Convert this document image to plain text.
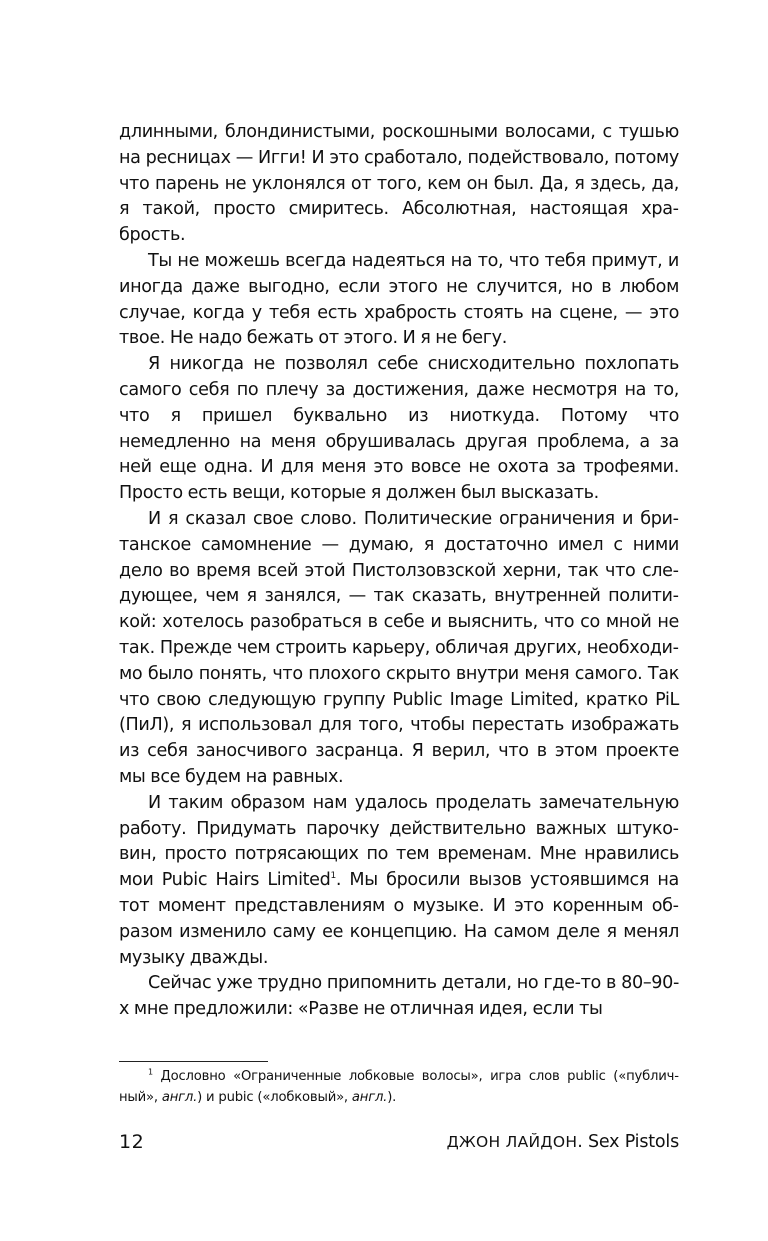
длинными, блондинистыми, роскошными волосами, с тушью на ресницах — Игги! И это сработало, подействовало, потому что парень не уклонялся от того, кем он был. Да, я здесь, да, я такой, просто смиритесь. Абсолютная, настоящая храбрость.

Ты не можешь всегда надеяться на то, что тебя примут, и иногда даже выгодно, если этого не случится, но в любом случае, когда у тебя есть храбрость стоять на сцене, — это твое. Не надо бежать от этого. И я не бегу.

Я никогда не позволял себе снисходительно похлопать самого себя по плечу за достижения, даже несмотря на то, что я пришел буквально из ниоткуда. Потому что немедленно на меня обрушивалась другая проблема, а за ней еще одна. И для меня это вовсе не охота за трофеями. Просто есть вещи, которые я должен был высказать.

И я сказал свое слово. Политические ограничения и британское самомнение — думаю, я достаточно имел с ними дело во время всей этой Пистолзовзской херни, так что следующее, чем я занялся, — так сказать, внутренней политикой: хотелось разобраться в себе и выяснить, что со мной не так. Прежде чем строить карьеру, обличая других, необходимо было понять, что плохого скрыто внутри меня самого. Так что свою следующую группу Public Image Limited, кратко PiL (ПиЛ), я использовал для того, чтобы перестать изображать из себя заносчивого засранца. Я верил, что в этом проекте мы все будем на равных.

И таким образом нам удалось проделать замечательную работу. Придумать парочку действительно важных штуковин, просто потрясающих по тем временам. Мне нравились мои Pubic Hairs Limited$^1$. Мы бросили вызов устоявшимся на тот момент представлениям о музыке. И это коренным образом изменило саму ее концепцию. На самом деле я менял музыку дважды.

Сейчас уже трудно припомнить детали, но где-то в 80–90-х мне предложили: «Разве не отличная идея, если ты

$^1$ Дословно «Ограниченные лобковые волосы», игра слов public («публичный», англ.) и pubic («лобковый», англ.).

12	ДЖОН ЛАЙДОН. Sex Pistols
